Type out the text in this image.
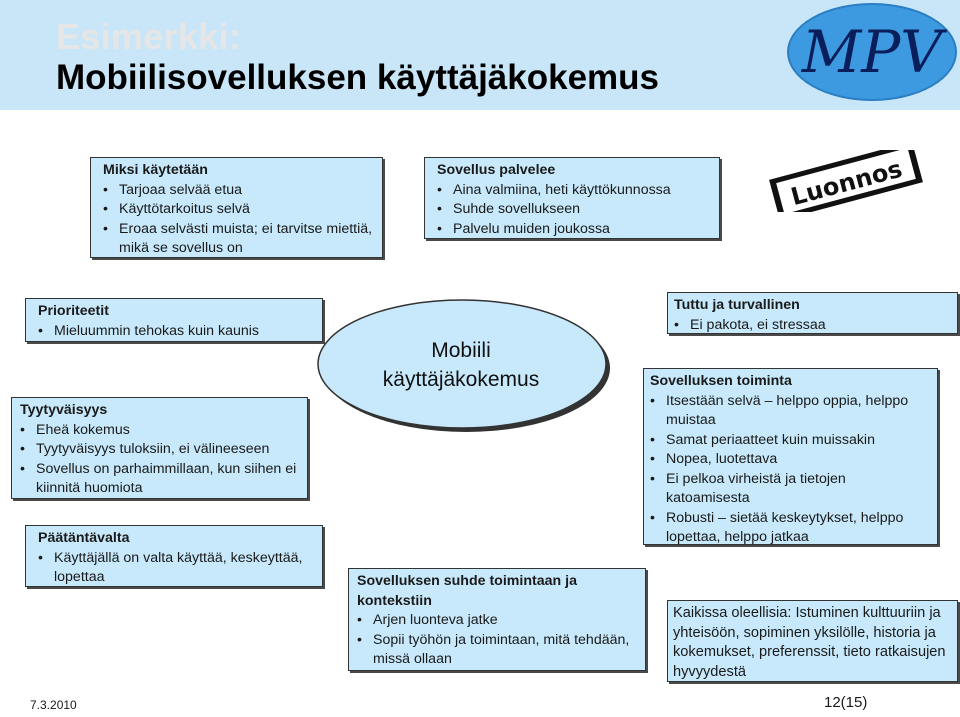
Esimerkki:
Mobiilisovelluksen käyttäjäkokemus MPV
Luonnos
Miksi käytetään
• Tarjoaa selvää etua
• Käyttötarkoitus selvä
• Eroaa selvästi muista; ei tarvitse miettiä, mikä se sovellus on
Sovellus palvelee
• Aina valmiina, heti käyttökunnossa
• Suhde sovellukseen
• Palvelu muiden joukossa
Prioriteetit
• Mieluummin tehokas kuin kaunis
Tyytyväisyys
• Eheä kokemus
• Tyytyväisyys tuloksiin, ei välineeseen
• Sovellus on parhaimmillaan, kun siihen ei kiinnitä huomiota
Päätäntävalta
• Käyttäjällä on valta käyttää, keskeyttää, lopettaa
Mobiili
käyttäjäkokemus
Sovelluksen suhde toimintaan ja kontekstiin
• Arjen luonteva jatke
• Sopii työhön ja toimintaan, mitä tehdään, missä ollaan
Tuttu ja turvallinen
• Ei pakota, ei stressaa
Sovelluksen toiminta
• Itsestään selvä – helppo oppia, helppo muistaa
• Samat periaatteet kuin muissakin
• Nopea, luotettava
• Ei pelkoa virheistä ja tietojen katoamisesta
• Robusti – sietää keskeytykset, helppo lopettaa, helppo jatkaa

Kaikissa oleellisia: Istuminen kulttuuriin ja yhteisöön, sopiminen yksilölle, historia ja kokemukset, preferenssit, tieto ratkaisujen hyvyydestä

7.3.2010	12(15)
